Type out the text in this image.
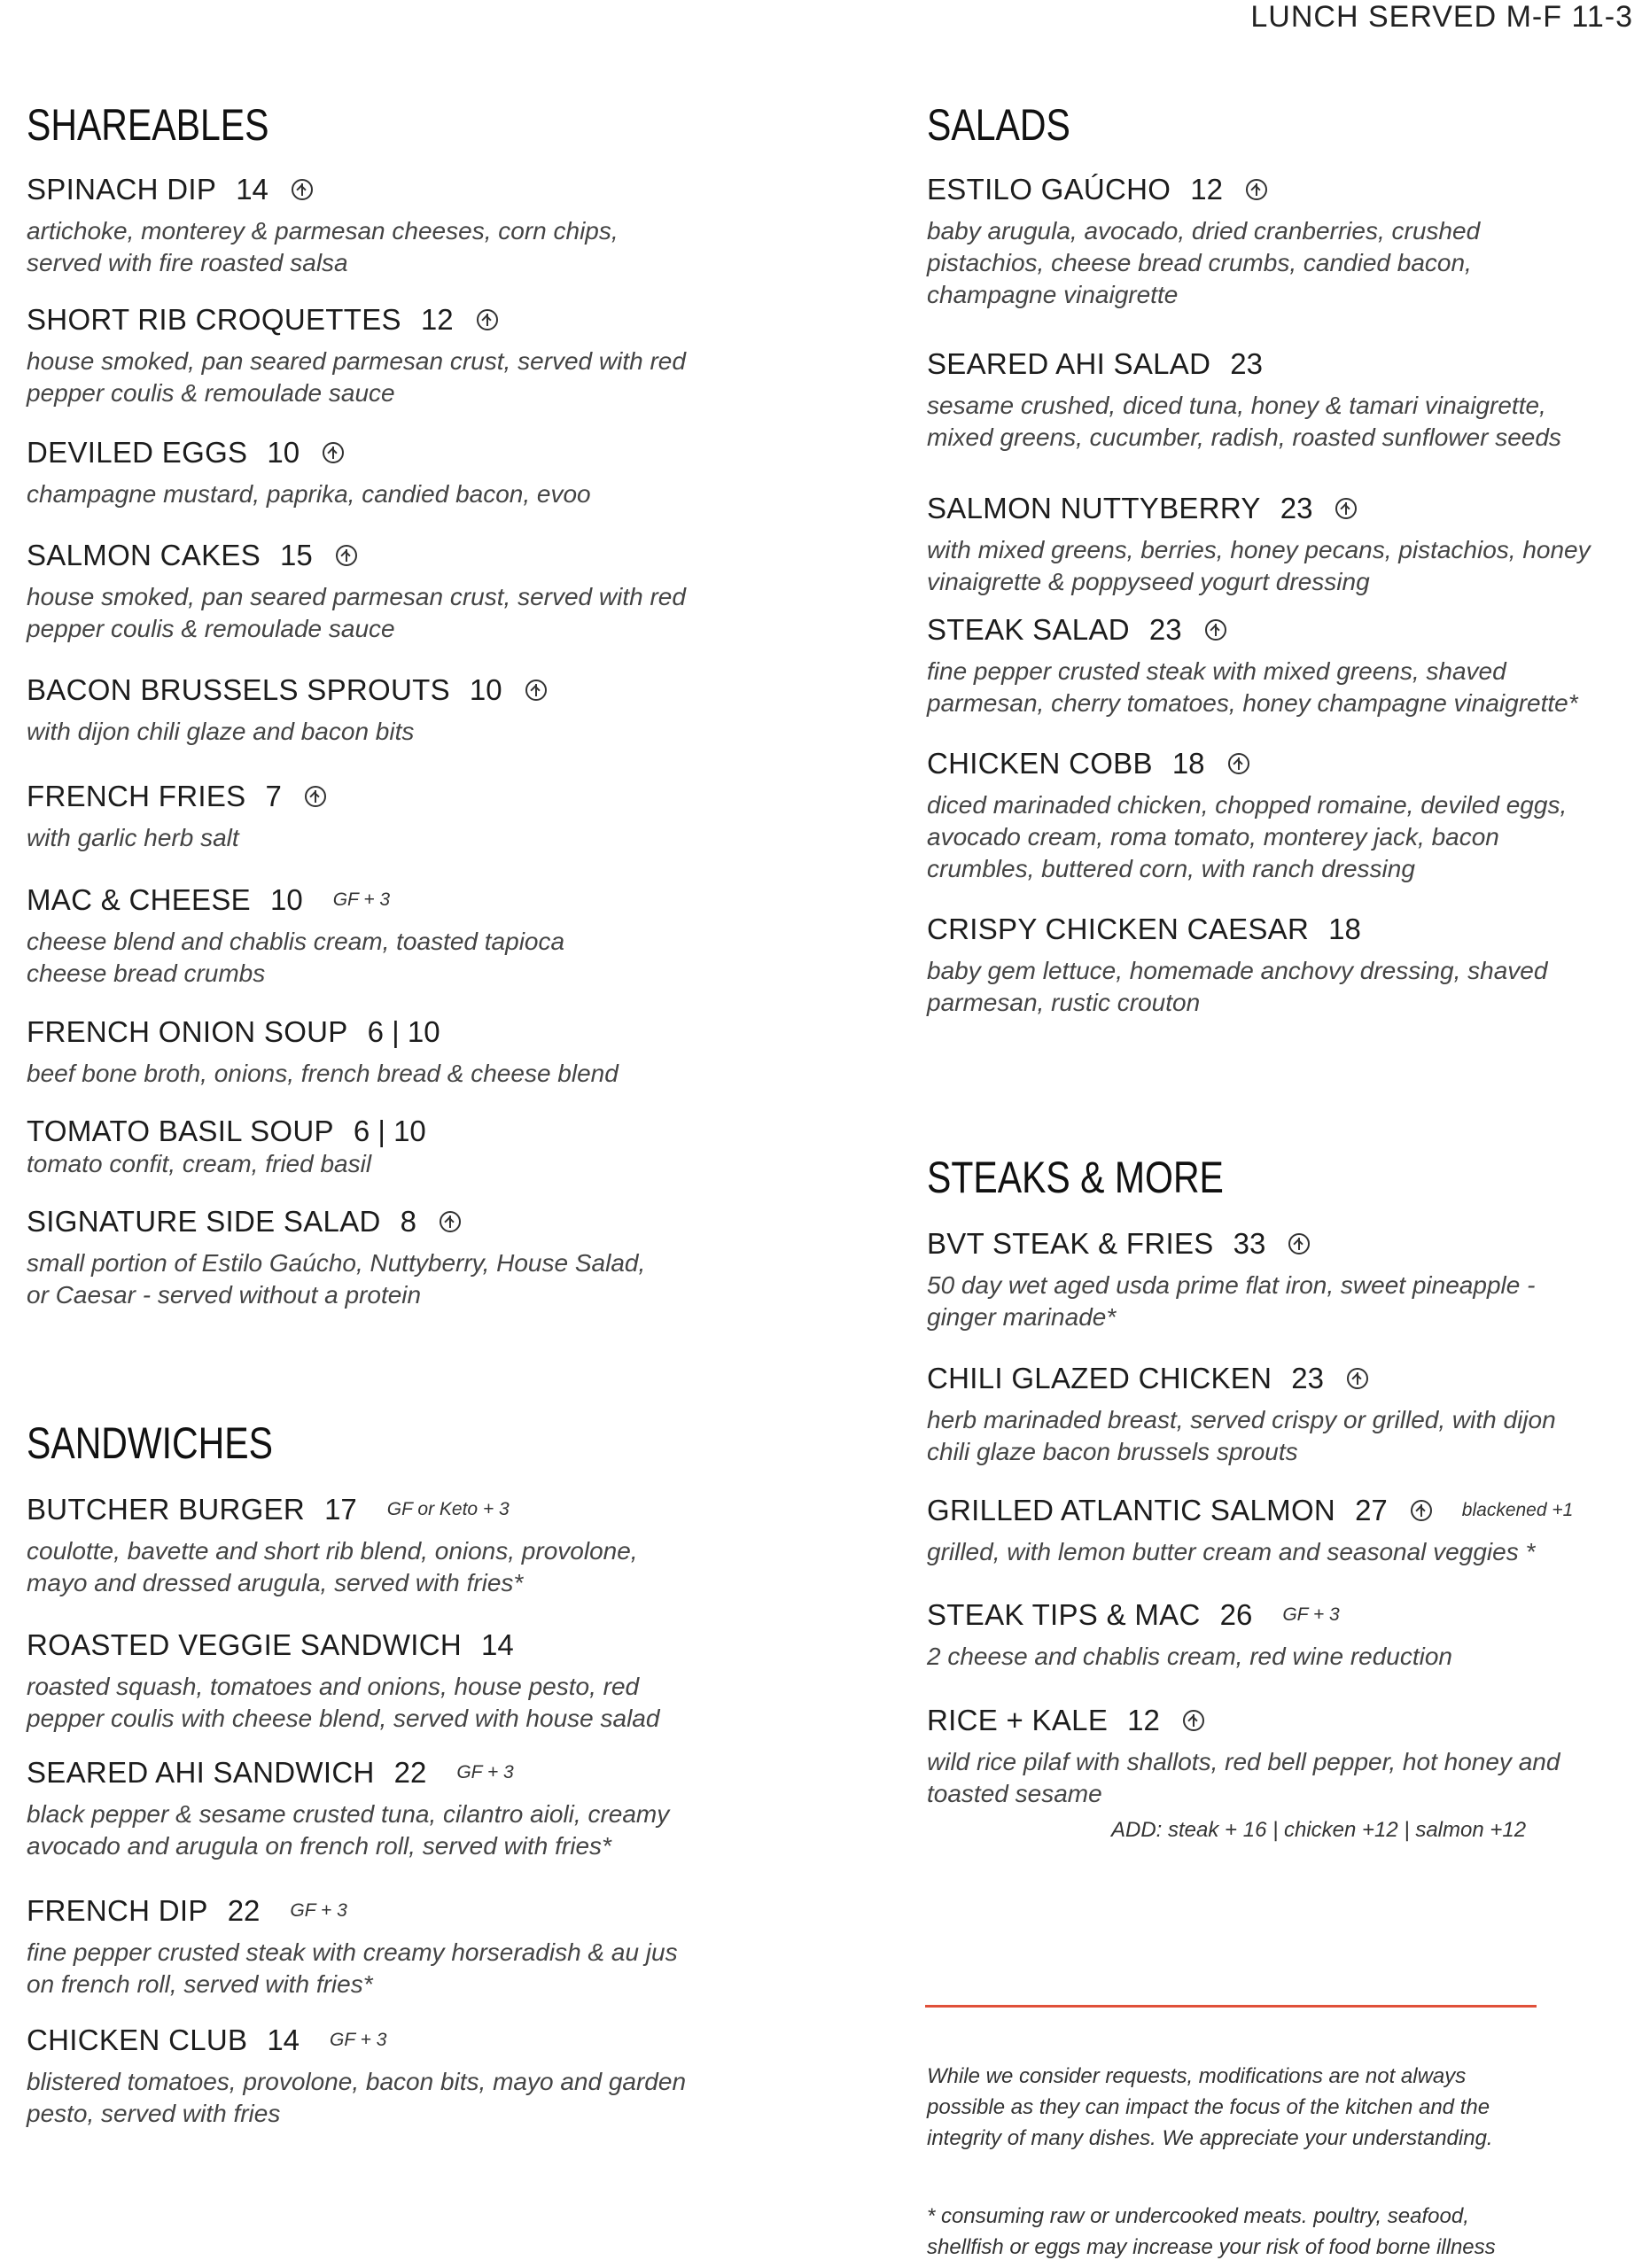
LUNCH SERVED M-F 11-3
SHAREABLES
SPINACH DIP 14
artichoke, monterey & parmesan cheeses, corn chips,
served with fire roasted salsa
SHORT RIB CROQUETTES 12
house smoked, pan seared parmesan crust, served with red
pepper coulis & remoulade sauce
DEVILED EGGS 10
champagne mustard, paprika, candied bacon, evoo
SALMON CAKES 15
house smoked, pan seared parmesan crust, served with red
pepper coulis & remoulade sauce
BACON BRUSSELS SPROUTS 10
with dijon chili glaze and bacon bits
FRENCH FRIES 7
with garlic herb salt
MAC & CHEESE 10 GF + 3
cheese blend and chablis cream, toasted tapioca
cheese bread crumbs
FRENCH ONION SOUP 6 | 10
beef bone broth, onions, french bread & cheese blend
TOMATO BASIL SOUP 6 | 10
tomato confit, cream, fried basil
SIGNATURE SIDE SALAD 8
small portion of Estilo Gaúcho, Nuttyberry, House Salad,
or Caesar - served without a protein
SANDWICHES
BUTCHER BURGER 17 GF or Keto + 3
coulotte, bavette and short rib blend, onions, provolone,
mayo and dressed arugula, served with fries*
ROASTED VEGGIE SANDWICH 14
roasted squash, tomatoes and onions, house pesto, red
pepper coulis with cheese blend, served with house salad
SEARED AHI SANDWICH 22 GF + 3
black pepper & sesame crusted tuna, cilantro aioli, creamy
avocado and arugula on french roll, served with fries*
FRENCH DIP 22 GF + 3
fine pepper crusted steak with creamy horseradish & au jus
on french roll, served with fries*
CHICKEN CLUB 14 GF + 3
blistered tomatoes, provolone, bacon bits, mayo and garden
pesto, served with fries
SALADS
ESTILO GAÚCHO 12
baby arugula, avocado, dried cranberries, crushed
pistachios, cheese bread crumbs, candied bacon,
champagne vinaigrette
SEARED AHI SALAD 23
sesame crushed, diced tuna, honey & tamari vinaigrette,
mixed greens, cucumber, radish, roasted sunflower seeds
SALMON NUTTYBERRY 23
with mixed greens, berries, honey pecans, pistachios, honey
vinaigrette & poppyseed yogurt dressing
STEAK SALAD 23
fine pepper crusted steak with mixed greens, shaved
parmesan, cherry tomatoes, honey champagne vinaigrette*
CHICKEN COBB 18
diced marinaded chicken, chopped romaine, deviled eggs,
avocado cream, roma tomato, monterey jack, bacon
crumbles, buttered corn, with ranch dressing
CRISPY CHICKEN CAESAR 18
baby gem lettuce, homemade anchovy dressing, shaved
parmesan, rustic crouton
STEAKS & MORE
BVT STEAK & FRIES 33
50 day wet aged usda prime flat iron, sweet pineapple -
ginger marinade*
CHILI GLAZED CHICKEN 23
herb marinaded breast, served crispy or grilled, with dijon
chili glaze bacon brussels sprouts
GRILLED ATLANTIC SALMON 27	blackened +1
grilled, with lemon butter cream and seasonal veggies *
STEAK TIPS & MAC 26 GF + 3
2 cheese and chablis cream, red wine reduction
RICE + KALE 12
wild rice pilaf with shallots, red bell pepper, hot honey and
toasted sesame
ADD: steak + 16 | chicken +12 | salmon +12
While we consider requests, modifications are not always
possible as they can impact the focus of the kitchen and the
integrity of many dishes. We appreciate your understanding.
* consuming raw or undercooked meats. poultry, seafood,
shellfish or eggs may increase your risk of food borne illness
